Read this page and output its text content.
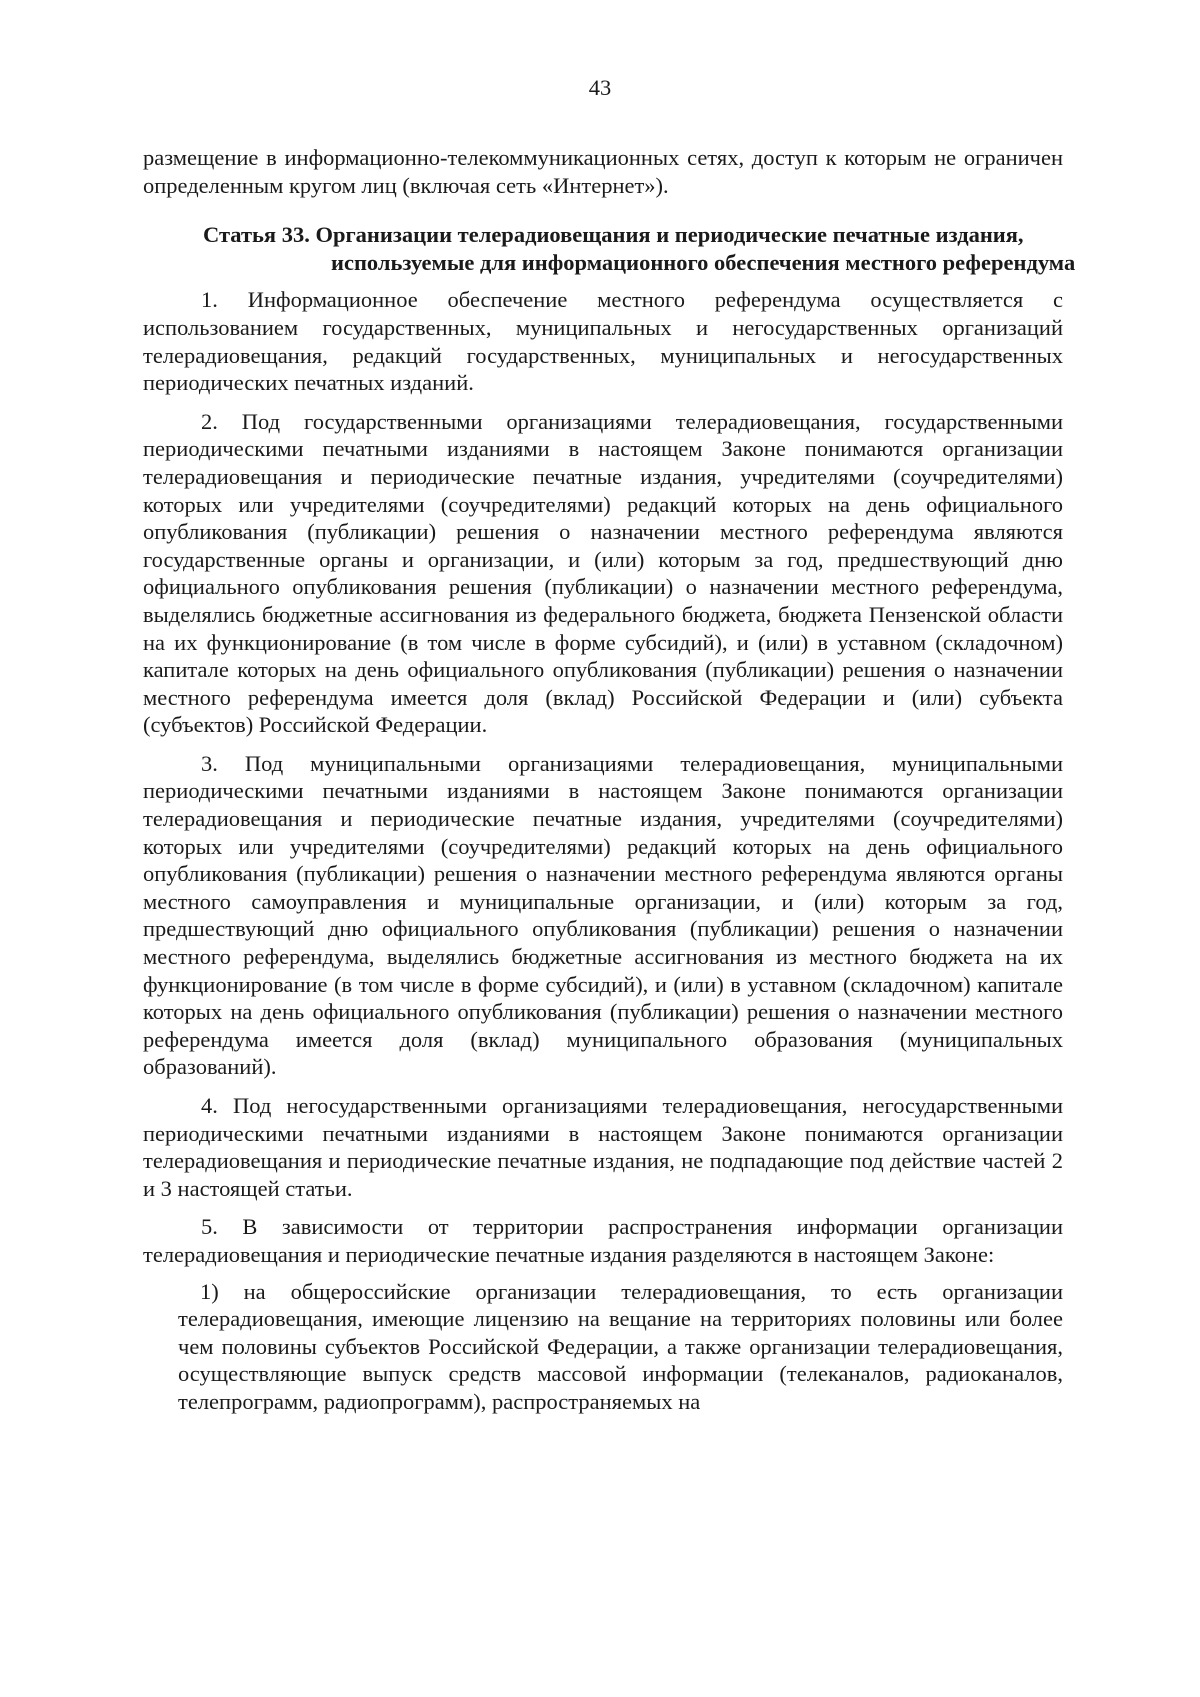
43

размещение в информационно-телекоммуникационных сетях, доступ к которым не ограничен определенным кругом лиц (включая сеть «Интернет»).

Статья 33. Организации телерадиовещания и периодические печатные издания, используемые для информационного обеспечения местного референдума

1. Информационное обеспечение местного референдума осуществляется с использованием государственных, муниципальных и негосударственных организаций телерадиовещания, редакций государственных, муниципальных и негосударственных периодических печатных изданий.

2. Под государственными организациями телерадиовещания, государственными периодическими печатными изданиями в настоящем Законе понимаются организации телерадиовещания и периодические печатные издания, учредителями (соучредителями) которых или учредителями (соучредителями) редакций которых на день официального опубликования (публикации) решения о назначении местного референдума являются государственные органы и организации, и (или) которым за год, предшествующий дню официального опубликования решения (публикации) о назначении местного референдума, выделялись бюджетные ассигнования из федерального бюджета, бюджета Пензенской области на их функционирование (в том числе в форме субсидий), и (или) в уставном (складочном) капитале которых на день официального опубликования (публикации) решения о назначении местного референдума имеется доля (вклад) Российской Федерации и (или) субъекта (субъектов) Российской Федерации.

3. Под муниципальными организациями телерадиовещания, муниципальными периодическими печатными изданиями в настоящем Законе понимаются организации телерадиовещания и периодические печатные издания, учредителями (соучредителями) которых или учредителями (соучредителями) редакций которых на день официального опубликования (публикации) решения о назначении местного референдума являются органы местного самоуправления и муниципальные организации, и (или) которым за год, предшествующий дню официального опубликования (публикации) решения о назначении местного референдума, выделялись бюджетные ассигнования из местного бюджета на их функционирование (в том числе в форме субсидий), и (или) в уставном (складочном) капитале которых на день официального опубликования (публикации) решения о назначении местного референдума имеется доля (вклад) муниципального образования (муниципальных образований).

4. Под негосударственными организациями телерадиовещания, негосударственными периодическими печатными изданиями в настоящем Законе понимаются организации телерадиовещания и периодические печатные издания, не подпадающие под действие частей 2 и 3 настоящей статьи.

5. В зависимости от территории распространения информации организации телерадиовещания и периодические печатные издания разделяются в настоящем Законе:

1) на общероссийские организации телерадиовещания, то есть организации телерадиовещания, имеющие лицензию на вещание на территориях половины или более чем половины субъектов Российской Федерации, а также организации телерадиовещания, осуществляющие выпуск средств массовой информации (телеканалов, радиоканалов, телепрограмм, радиопрограмм), распространяемых на
